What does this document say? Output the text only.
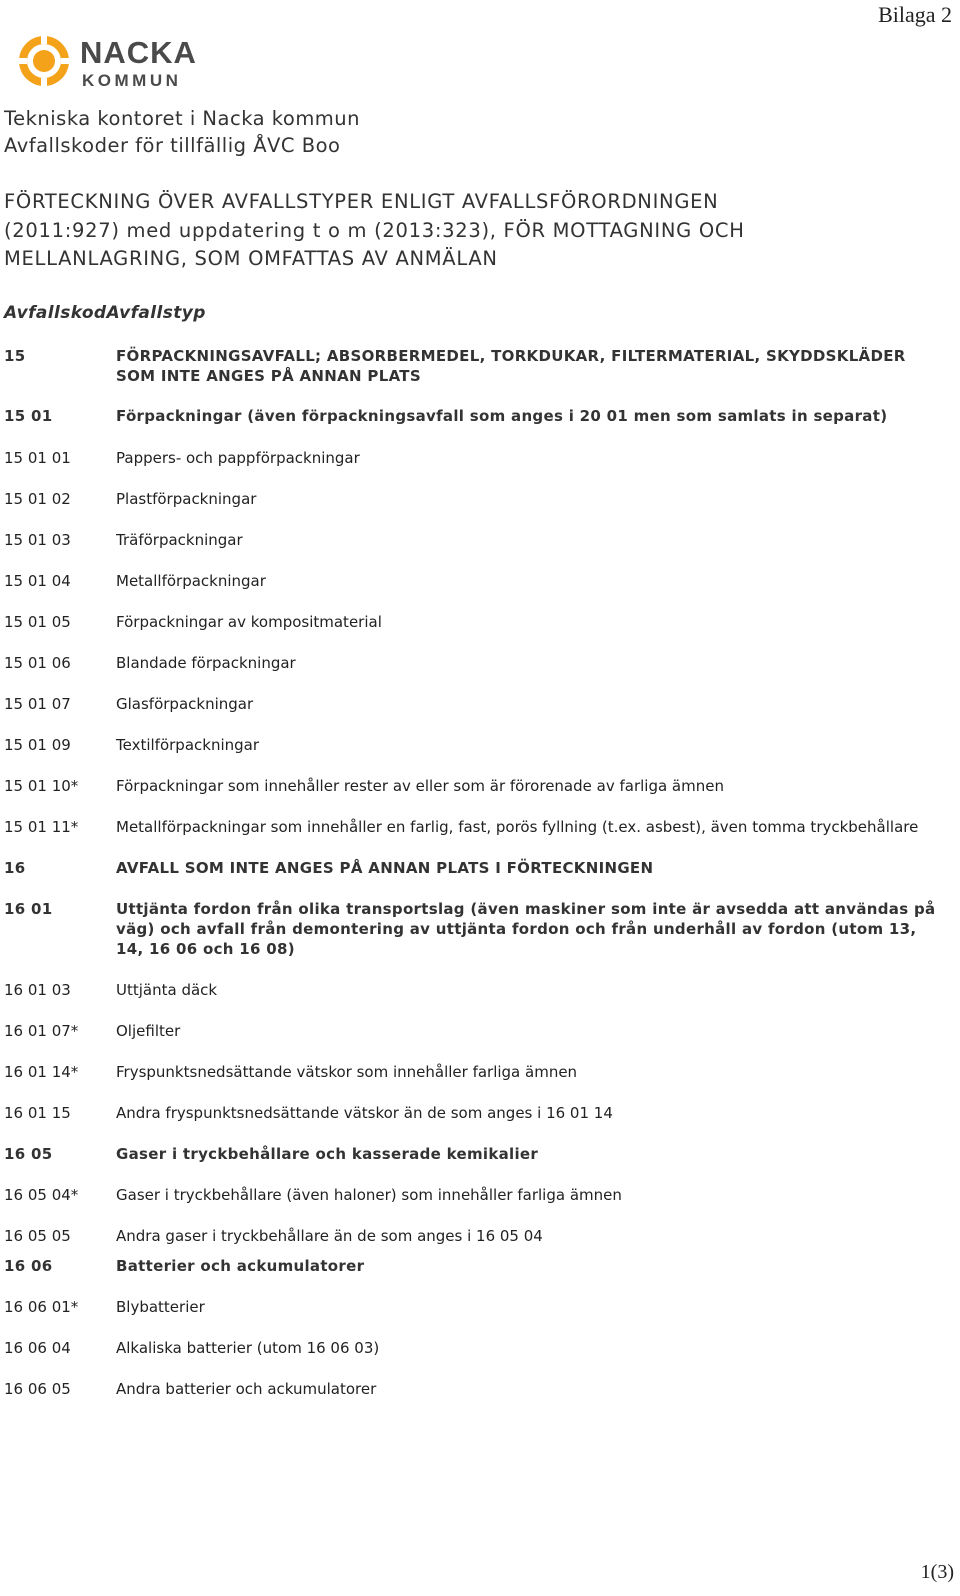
Bilaga 2
NACKA
KOMMUN
Tekniska kontoret i Nacka kommun
Avfallskoder för tillfällig ÅVC Boo
FÖRTECKNING ÖVER AVFALLSTYPER ENLIGT AVFALLSFÖRORDNINGEN
(2011:927) med uppdatering t o m (2013:323), FÖR MOTTAGNING OCH
MELLANLAGRING, SOM OMFATTAS AV ANMÄLAN
AvfallskodAvfallstyp
15	FÖRPACKNINGSAVFALL; ABSORBERMEDEL, TORKDUKAR, FILTERMATERIAL, SKYDDSKLÄDER SOM INTE ANGES PÅ ANNAN PLATS
15 01	Förpackningar (även förpackningsavfall som anges i 20 01 men som samlats in separat)
15 01 01	Pappers- och pappförpackningar
15 01 02	Plastförpackningar
15 01 03	Träförpackningar
15 01 04	Metallförpackningar
15 01 05	Förpackningar av kompositmaterial
15 01 06	Blandade förpackningar
15 01 07	Glasförpackningar
15 01 09	Textilförpackningar
15 01 10*	Förpackningar som innehåller rester av eller som är förorenade av farliga ämnen
15 01 11*	Metallförpackningar som innehåller en farlig, fast, porös fyllning (t.ex. asbest), även tomma tryckbehållare
16	AVFALL SOM INTE ANGES PÅ ANNAN PLATS I FÖRTECKNINGEN
16 01	Uttjänta fordon från olika transportslag (även maskiner som inte är avsedda att användas på väg) och avfall från demontering av uttjänta fordon och från underhåll av fordon (utom 13, 14, 16 06 och 16 08)
16 01 03	Uttjänta däck
16 01 07*	Oljefilter
16 01 14*	Fryspunktsnedsättande vätskor som innehåller farliga ämnen
16 01 15	Andra fryspunktsnedsättande vätskor än de som anges i 16 01 14
16 05	Gaser i tryckbehållare och kasserade kemikalier
16 05 04*	Gaser i tryckbehållare (även haloner) som innehåller farliga ämnen
16 05 05	Andra gaser i tryckbehållare än de som anges i 16 05 04
16 06	Batterier och ackumulatorer
16 06 01*	Blybatterier
16 06 04	Alkaliska batterier (utom 16 06 03)
16 06 05	Andra batterier och ackumulatorer
1(3)
